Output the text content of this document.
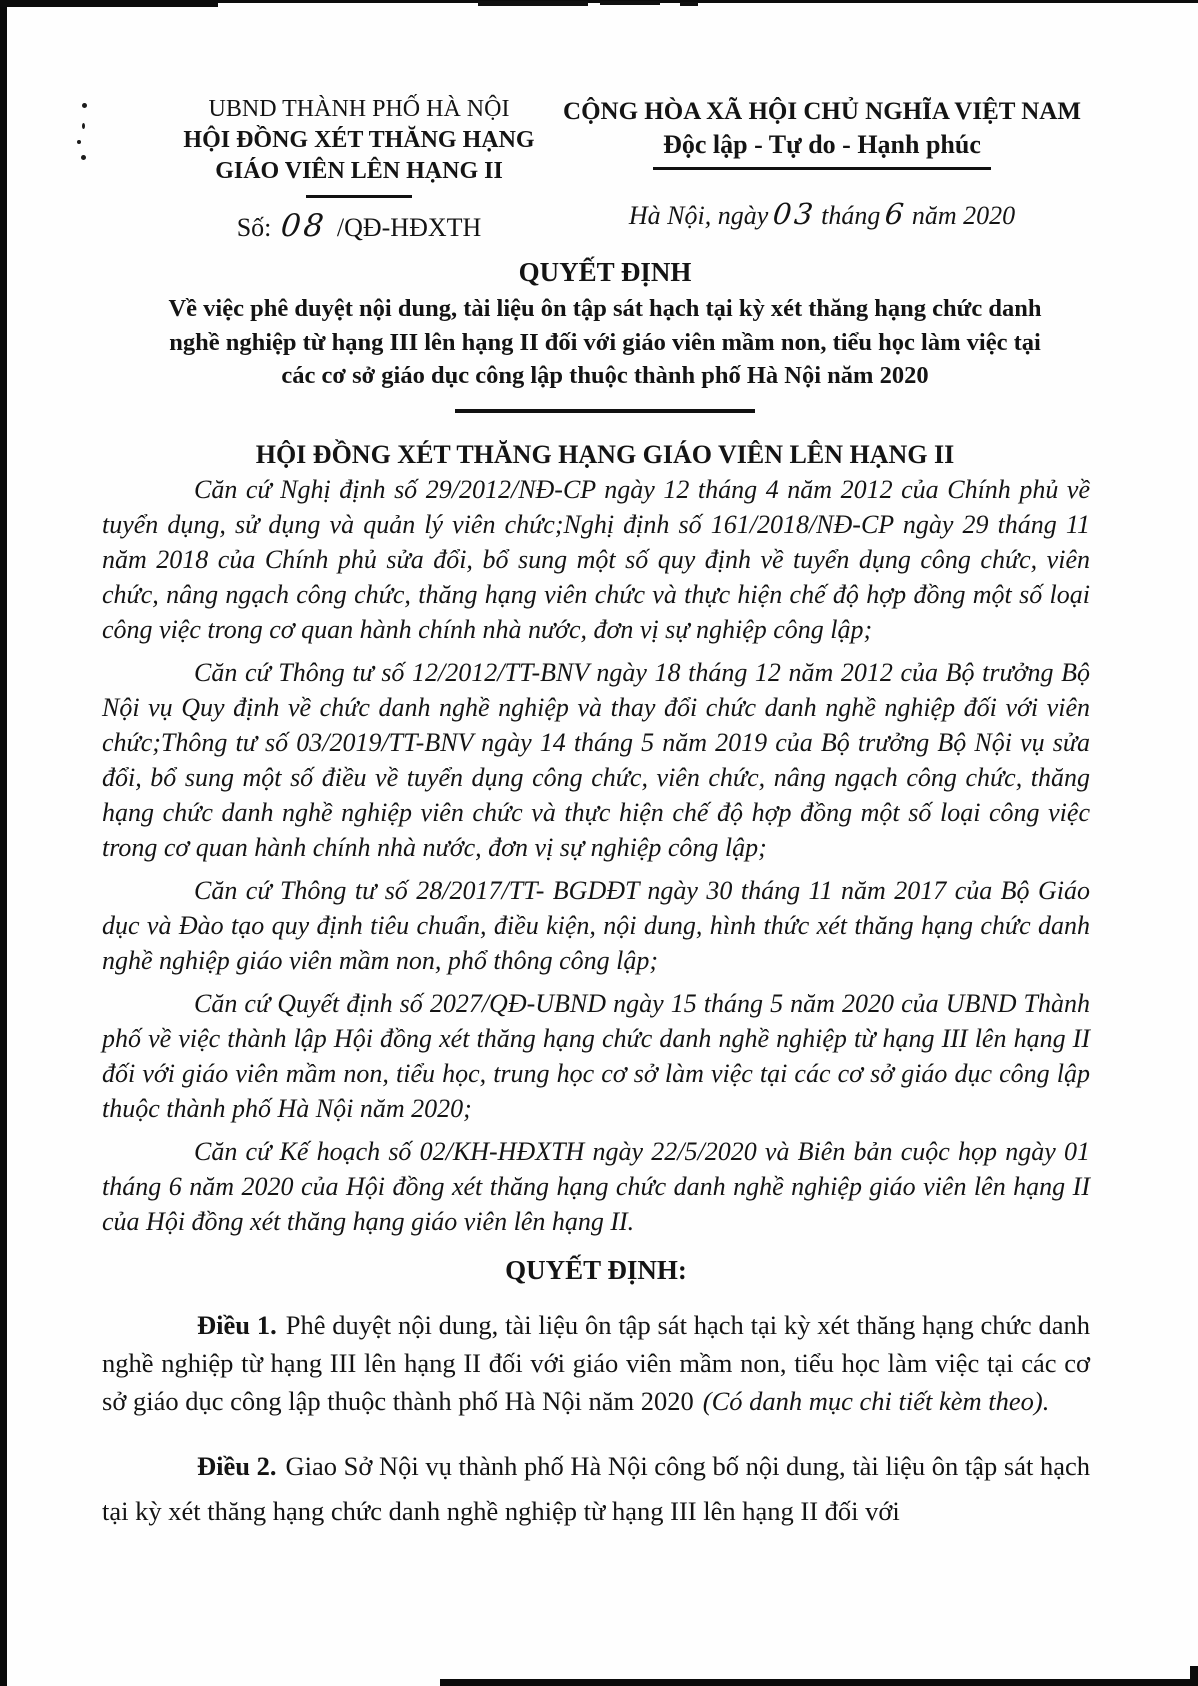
UBND THÀNH PHỐ HÀ NỘI
HỘI ĐỒNG XÉT THĂNG HẠNG
GIÁO VIÊN LÊN HẠNG II
Số: 08 /QĐ-HĐXTH
CỘNG HÒA XÃ HỘI CHỦ NGHĨA VIỆT NAM
Độc lập - Tự do - Hạnh phúc
Hà Nội, ngày 03 tháng 6 năm 2020
QUYẾT ĐỊNH
Về việc phê duyệt nội dung, tài liệu ôn tập sát hạch tại kỳ xét thăng hạng chức danh
nghề nghiệp từ hạng III lên hạng II đối với giáo viên mầm non, tiểu học làm việc tại
các cơ sở giáo dục công lập thuộc thành phố Hà Nội năm 2020
HỘI ĐỒNG XÉT THĂNG HẠNG GIÁO VIÊN LÊN HẠNG II

Căn cứ Nghị định số 29/2012/NĐ-CP ngày 12 tháng 4 năm 2012 của Chính phủ về tuyển dụng, sử dụng và quản lý viên chức;Nghị định số 161/2018/NĐ-CP ngày 29 tháng 11 năm 2018 của Chính phủ sửa đổi, bổ sung một số quy định về tuyển dụng công chức, viên chức, nâng ngạch công chức, thăng hạng viên chức và thực hiện chế độ hợp đồng một số loại công việc trong cơ quan hành chính nhà nước, đơn vị sự nghiệp công lập;

Căn cứ Thông tư số 12/2012/TT-BNV ngày 18 tháng 12 năm 2012 của Bộ trưởng Bộ Nội vụ Quy định về chức danh nghề nghiệp và thay đổi chức danh nghề nghiệp đối với viên chức;Thông tư số 03/2019/TT-BNV ngày 14 tháng 5 năm 2019 của Bộ trưởng Bộ Nội vụ sửa đổi, bổ sung một số điều về tuyển dụng công chức, viên chức, nâng ngạch công chức, thăng hạng chức danh nghề nghiệp viên chức và thực hiện chế độ hợp đồng một số loại công việc trong cơ quan hành chính nhà nước, đơn vị sự nghiệp công lập;

Căn cứ Thông tư số 28/2017/TT- BGDĐT ngày 30 tháng 11 năm 2017 của Bộ Giáo dục và Đào tạo quy định tiêu chuẩn, điều kiện, nội dung, hình thức xét thăng hạng chức danh nghề nghiệp giáo viên mầm non, phổ thông công lập;

Căn cứ Quyết định số 2027/QĐ-UBND ngày 15 tháng 5 năm 2020 của UBND Thành phố về việc thành lập Hội đồng xét thăng hạng chức danh nghề nghiệp từ hạng III lên hạng II đối với giáo viên mầm non, tiểu học, trung học cơ sở làm việc tại các cơ sở giáo dục công lập thuộc thành phố Hà Nội năm 2020;

Căn cứ Kế hoạch số 02/KH-HĐXTH ngày 22/5/2020 và Biên bản cuộc họp ngày 01 tháng 6 năm 2020 của Hội đồng xét thăng hạng chức danh nghề nghiệp giáo viên lên hạng II của Hội đồng xét thăng hạng giáo viên lên hạng II.

QUYẾT ĐỊNH:

Điều 1. Phê duyệt nội dung, tài liệu ôn tập sát hạch tại kỳ xét thăng hạng chức danh nghề nghiệp từ hạng III lên hạng II đối với giáo viên mầm non, tiểu học làm việc tại các cơ sở giáo dục công lập thuộc thành phố Hà Nội năm 2020 (Có danh mục chi tiết kèm theo).

Điều 2. Giao Sở Nội vụ thành phố Hà Nội công bố nội dung, tài liệu ôn tập sát hạch tại kỳ xét thăng hạng chức danh nghề nghiệp từ hạng III lên hạng II đối với
